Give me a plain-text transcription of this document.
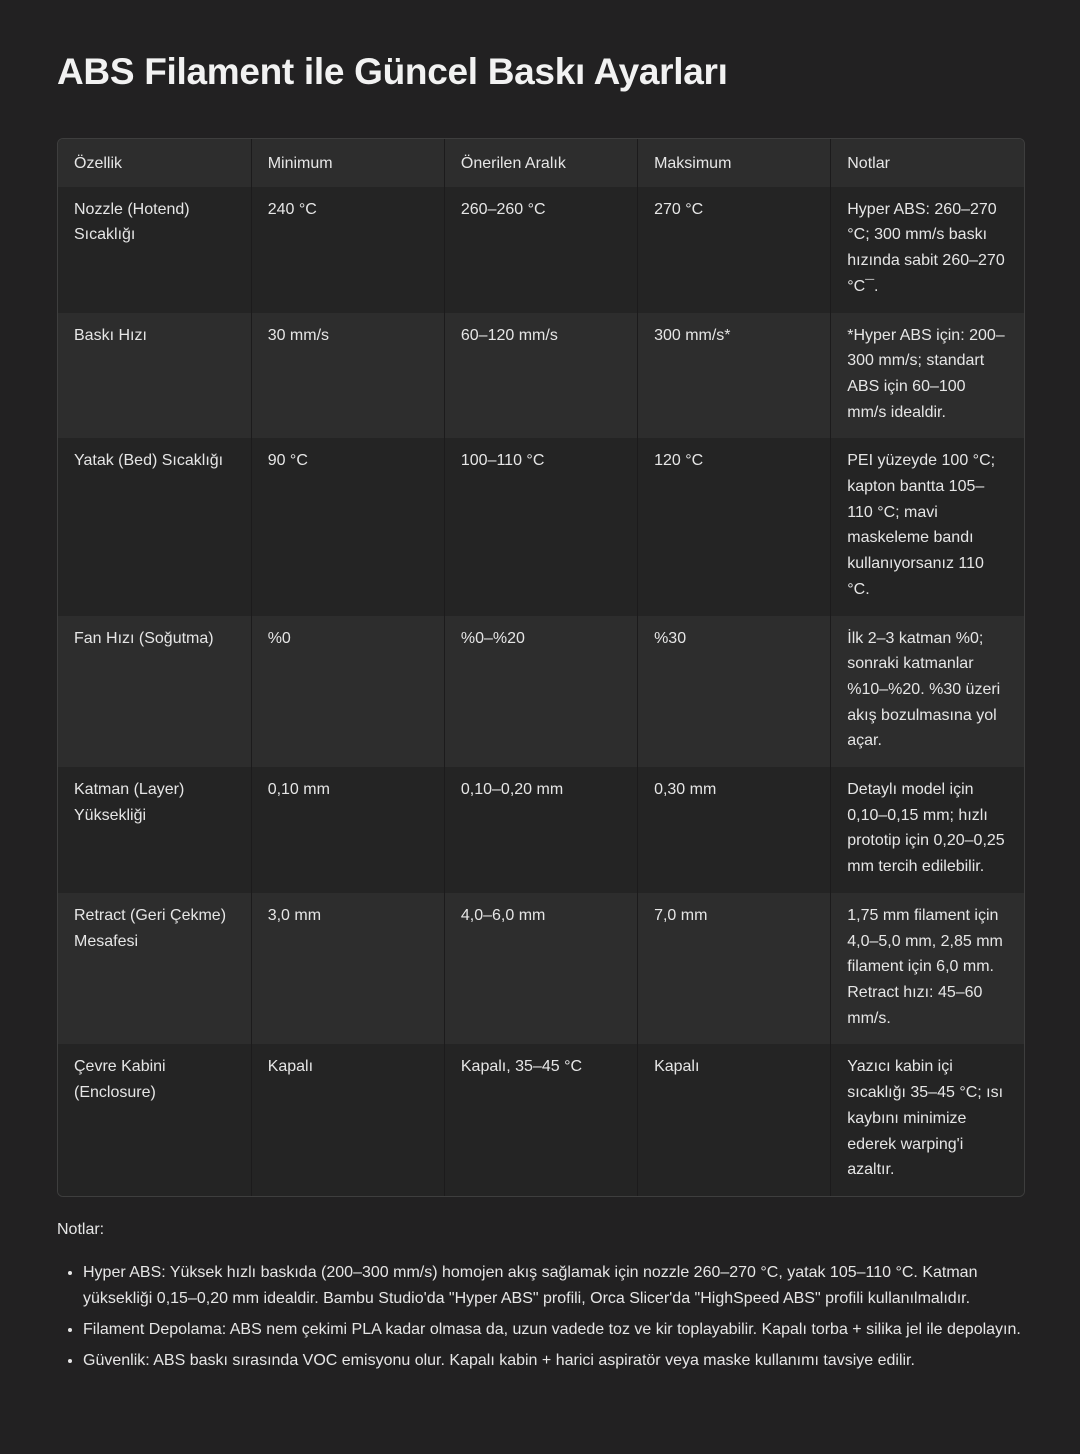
ABS Filament ile Güncel Baskı Ayarları
Özellik	Minimum	Önerilen Aralık	Maksimum	Notlar
Nozzle (Hotend) Sıcaklığı	240 °C	260–260 °C	270 °C	Hyper ABS: 260–270 °C; 300 mm/s baskı hızında sabit 260–270 °C¯.
Baskı Hızı	30 mm/s	60–120 mm/s	300 mm/s*	*Hyper ABS için: 200–300 mm/s; standart ABS için 60–100 mm/s idealdir.
Yatak (Bed) Sıcaklığı	90 °C	100–110 °C	120 °C	PEI yüzeyde 100 °C; kapton bantta 105–110 °C; mavi maskeleme bandı kullanıyorsanız 110 °C.
Fan Hızı (Soğutma)	%0	%0–%20	%30	İlk 2–3 katman %0; sonraki katmanlar %10–%20. %30 üzeri akış bozulmasına yol açar.
Katman (Layer) Yüksekliği	0,10 mm	0,10–0,20 mm	0,30 mm	Detaylı model için 0,10–0,15 mm; hızlı prototip için 0,20–0,25 mm tercih edilebilir.
Retract (Geri Çekme) Mesafesi	3,0 mm	4,0–6,0 mm	7,0 mm	1,75 mm filament için 4,0–5,0 mm, 2,85 mm filament için 6,0 mm. Retract hızı: 45–60 mm/s.
Çevre Kabini (Enclosure)	Kapalı	Kapalı, 35–45 °C	Kapalı	Yazıcı kabin içi sıcaklığı 35–45 °C; ısı kaybını minimize ederek warping'i azaltır.

Notlar:

• Hyper ABS: Yüksek hızlı baskıda (200–300 mm/s) homojen akış sağlamak için nozzle 260–270 °C, yatak 105–110 °C. Katman yüksekliği 0,15–0,20 mm idealdir. Bambu Studio'da "Hyper ABS" profili, Orca Slicer'da "HighSpeed ABS" profili kullanılmalıdır.
• Filament Depolama: ABS nem çekimi PLA kadar olmasa da, uzun vadede toz ve kir toplayabilir. Kapalı torba + silika jel ile depolayın.
• Güvenlik: ABS baskı sırasında VOC emisyonu olur. Kapalı kabin + harici aspiratör veya maske kullanımı tavsiye edilir.
